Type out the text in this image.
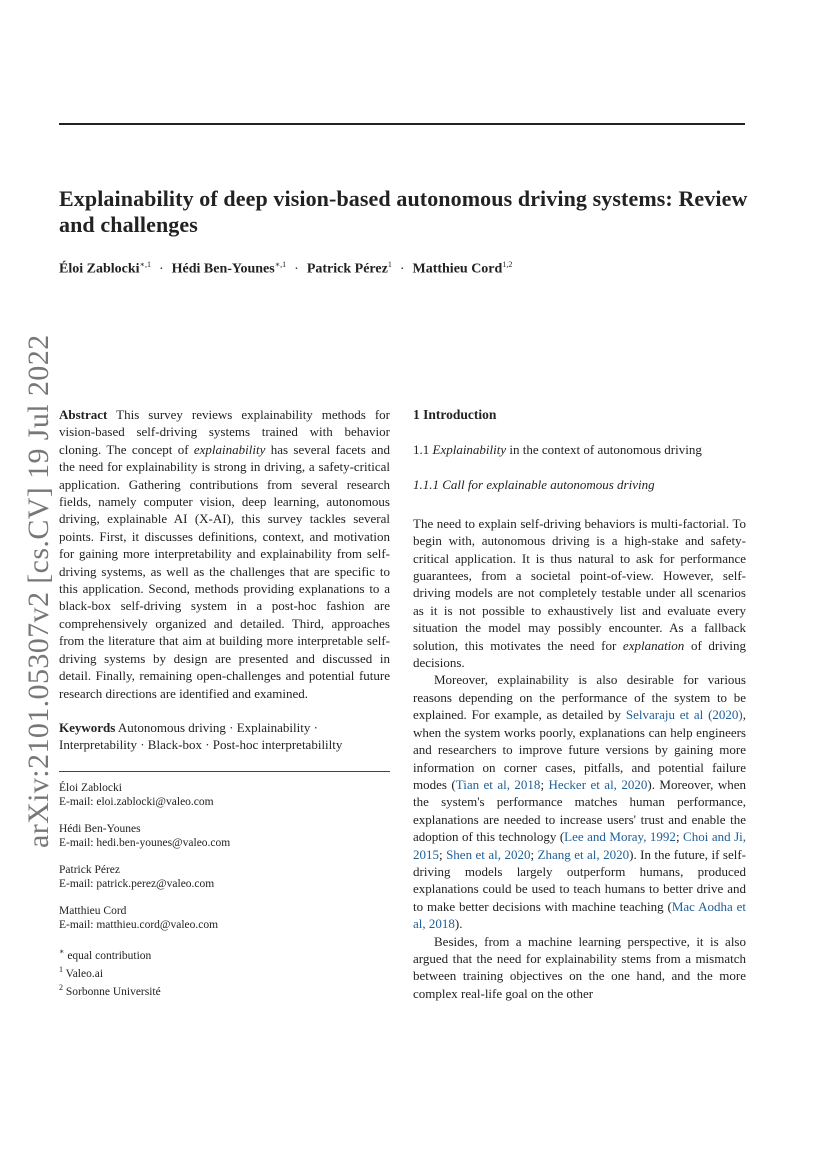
arXiv:2101.05307v2 [cs.CV] 19 Jul 2022
Explainability of deep vision-based autonomous driving systems: Review and challenges
Éloi Zablocki$^{∗,1}$ · Hédi Ben-Younes$^{∗,1}$ · Patrick Pérez$^1$ · Matthieu Cord$^{1,2}$

Abstract This survey reviews explainability methods for vision-based self-driving systems trained with behavior cloning. The concept of explainability has several facets and the need for explainability is strong in driving, a safety-critical application. Gathering contributions from several research fields, namely computer vision, deep learning, autonomous driving, explainable AI (X-AI), this survey tackles several points. First, it discusses definitions, context, and motivation for gaining more interpretability and explainability from self-driving systems, as well as the challenges that are specific to this application. Second, methods providing explanations to a black-box self-driving system in a post-hoc fashion are comprehensively organized and detailed. Third, approaches from the literature that aim at building more interpretable self-driving systems by design are presented and discussed in detail. Finally, remaining open-challenges and potential future research directions are identified and examined.

Keywords Autonomous driving · Explainability · Interpretability · Black-box · Post-hoc interpretabililty

Éloi Zablocki
E-mail: eloi.zablocki@valeo.com
Hédi Ben-Younes
E-mail: hedi.ben-younes@valeo.com
Patrick Pérez
E-mail: patrick.perez@valeo.com
Matthieu Cord
E-mail: matthieu.cord@valeo.com
∗ equal contribution
$^1$ Valeo.ai
$^2$ Sorbonne Université
1 Introduction
1.1 Explainability in the context of autonomous driving
1.1.1 Call for explainable autonomous driving

The need to explain self-driving behaviors is multi-factorial. To begin with, autonomous driving is a high-stake and safety-critical application. It is thus natural to ask for performance guarantees, from a societal point-of-view. However, self-driving models are not completely testable under all scenarios as it is not possible to exhaustively list and evaluate every situation the model may possibly encounter. As a fallback solution, this motivates the need for explanation of driving decisions.

Moreover, explainability is also desirable for various reasons depending on the performance of the system to be explained. For example, as detailed by Selvaraju et al (2020), when the system works poorly, explanations can help engineers and researchers to improve future versions by gaining more information on corner cases, pitfalls, and potential failure modes (Tian et al, 2018; Hecker et al, 2020). Moreover, when the system's performance matches human performance, explanations are needed to increase users' trust and enable the adoption of this technology (Lee and Moray, 1992; Choi and Ji, 2015; Shen et al, 2020; Zhang et al, 2020). In the future, if self-driving models largely outperform humans, produced explanations could be used to teach humans to better drive and to make better decisions with machine teaching (Mac Aodha et al, 2018).

Besides, from a machine learning perspective, it is also argued that the need for explainability stems from a mismatch between training objectives on the one hand, and the more complex real-life goal on the other
